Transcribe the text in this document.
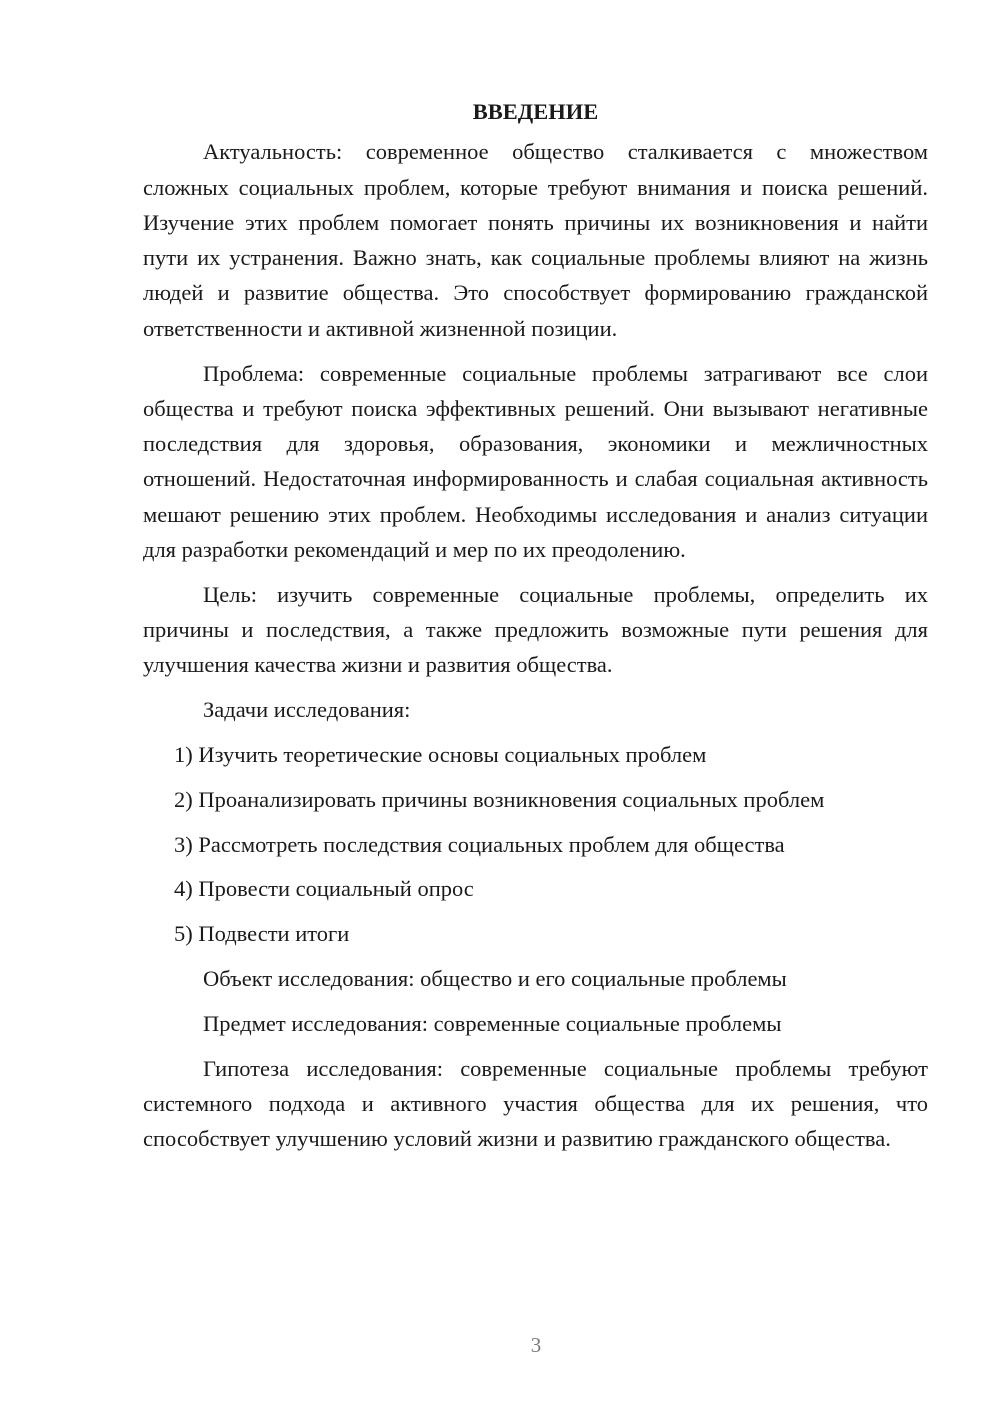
ВВЕДЕНИЕ

Актуальность: современное общество сталкивается с множеством сложных социальных проблем, которые требуют внимания и поиска решений. Изучение этих проблем помогает понять причины их возникновения и найти пути их устранения. Важно знать, как социальные проблемы влияют на жизнь людей и развитие общества. Это способствует формированию гражданской ответственности и активной жизненной позиции.

Проблема: современные социальные проблемы затрагивают все слои общества и требуют поиска эффективных решений. Они вызывают негативные последствия для здоровья, образования, экономики и межличностных отношений. Недостаточная информированность и слабая социальная активность мешают решению этих проблем. Необходимы исследования и анализ ситуации для разработки рекомендаций и мер по их преодолению.

Цель: изучить современные социальные проблемы, определить их причины и последствия, а также предложить возможные пути решения для улучшения качества жизни и развития общества.

Задачи исследования:

1) Изучить теоретические основы социальных проблем
2) Проанализировать причины возникновения социальных проблем
3) Рассмотреть последствия социальных проблем для общества
4) Провести социальный опрос
5) Подвести итоги

Объект исследования: общество и его социальные проблемы

Предмет исследования: современные социальные проблемы

Гипотеза исследования: современные социальные проблемы требуют системного подхода и активного участия общества для их решения, что способствует улучшению условий жизни и развитию гражданского общества.

3
